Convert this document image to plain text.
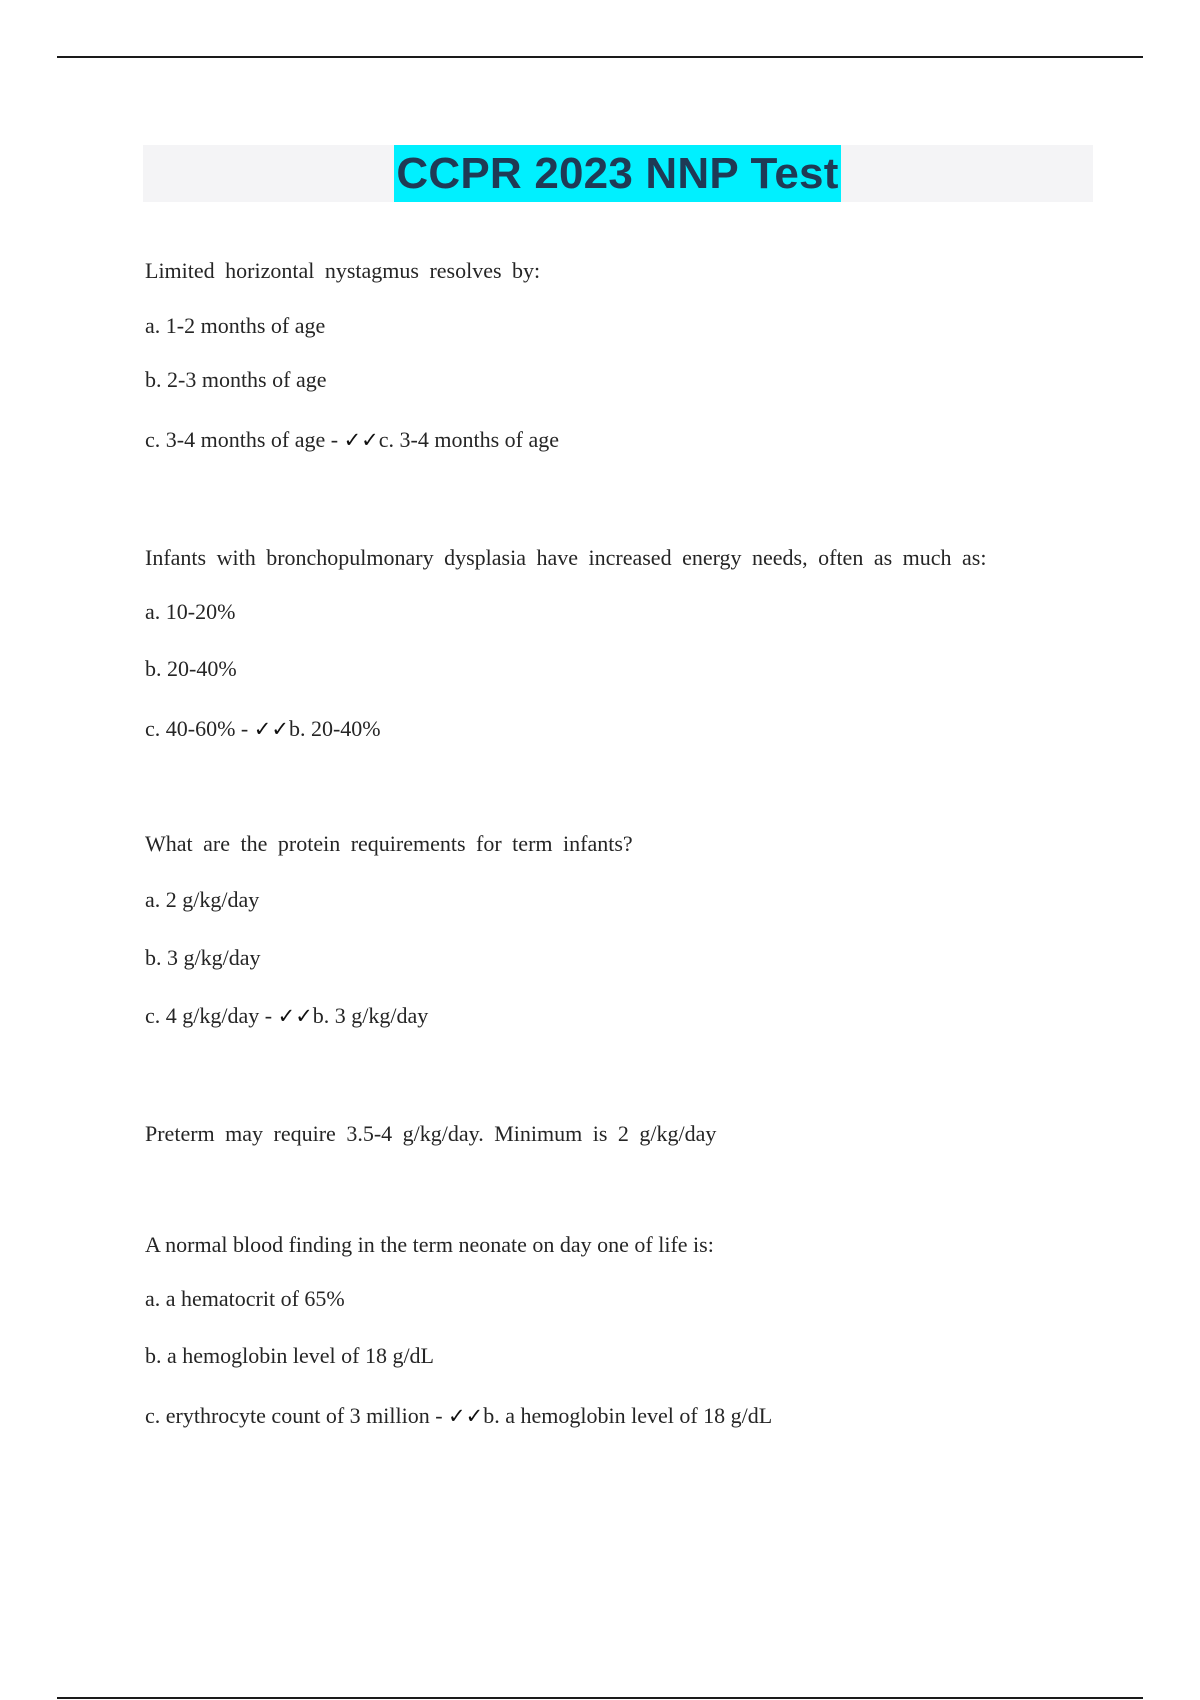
CCPR 2023 NNP Test
Limited horizontal nystagmus resolves by:
a. 1-2 months of age
b. 2-3 months of age
c. 3-4 months of age - ✓✓c. 3-4 months of age
Infants with bronchopulmonary dysplasia have increased energy needs, often as much as:
a. 10-20%
b. 20-40%
c. 40-60% - ✓✓b. 20-40%
What are the protein requirements for term infants?
a. 2 g/kg/day
b. 3 g/kg/day
c. 4 g/kg/day - ✓✓b. 3 g/kg/day
Preterm may require 3.5-4 g/kg/day. Minimum is 2 g/kg/day
A normal blood finding in the term neonate on day one of life is:
a. a hematocrit of 65%
b. a hemoglobin level of 18 g/dL
c. erythrocyte count of 3 million - ✓✓b. a hemoglobin level of 18 g/dL
